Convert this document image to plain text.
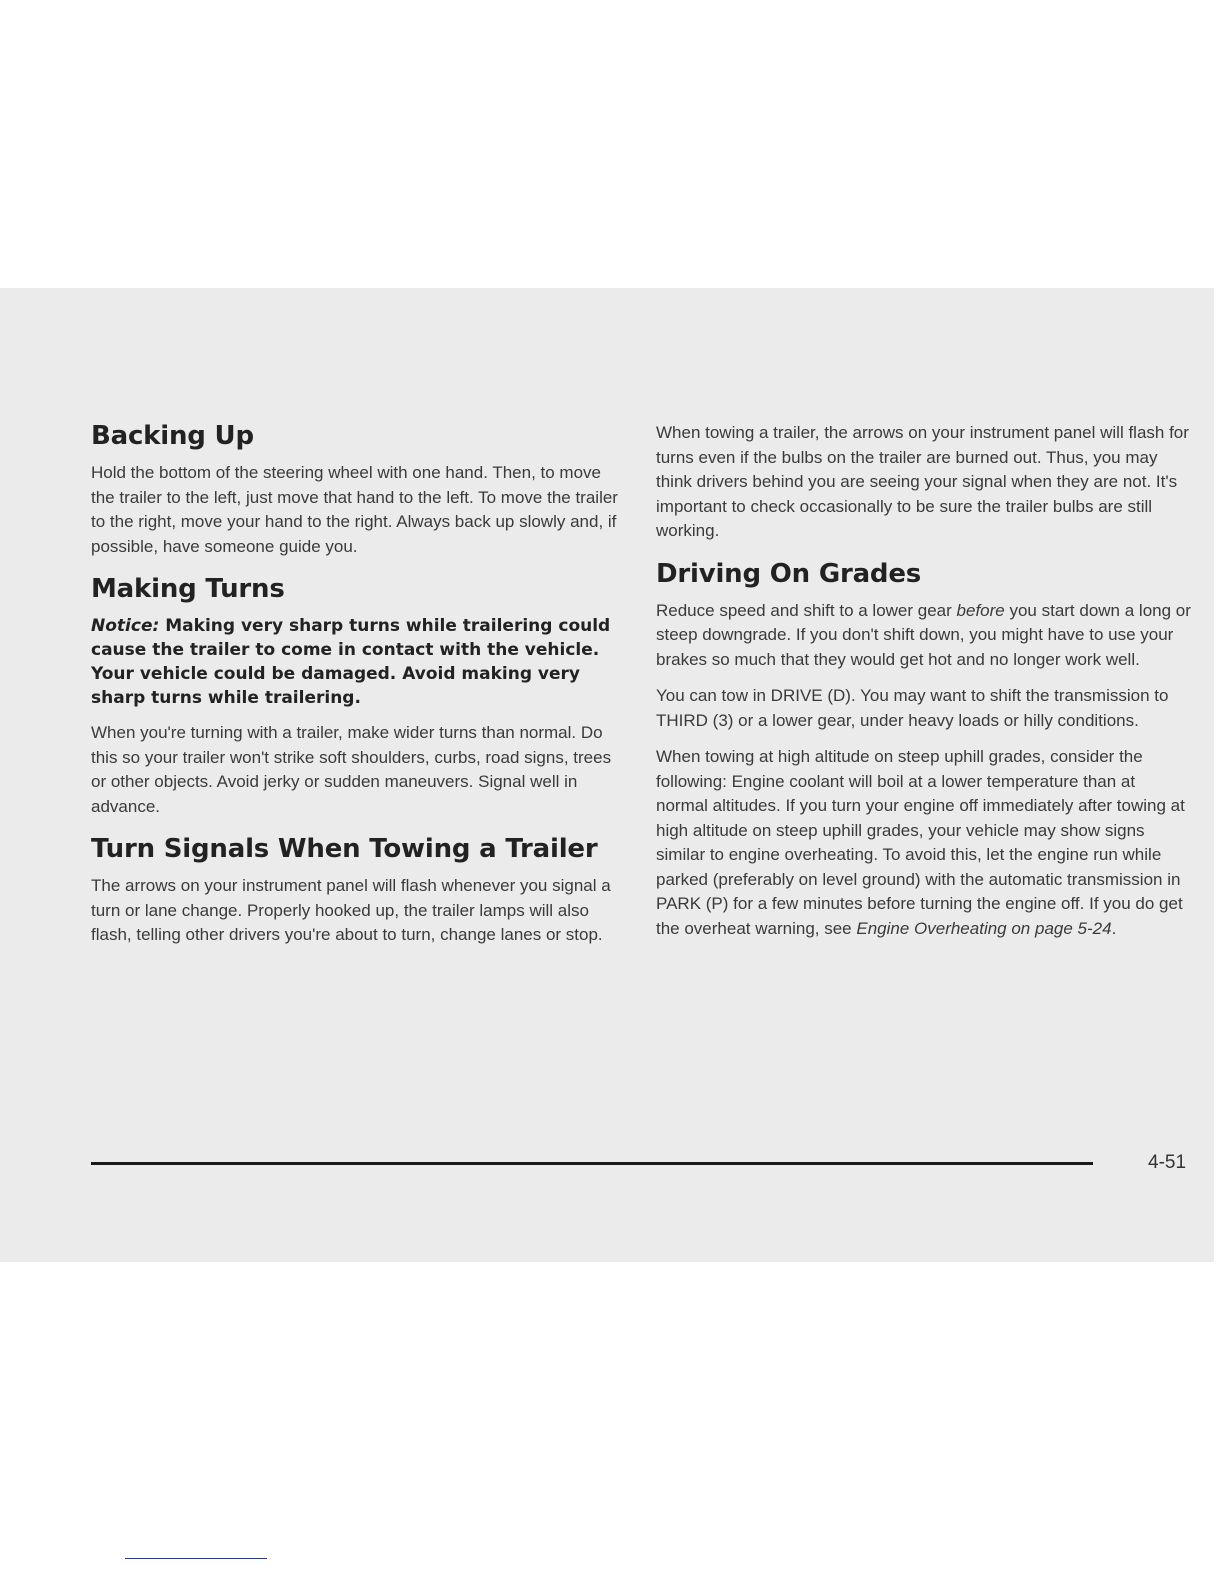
Backing Up

Hold the bottom of the steering wheel with one hand. Then, to move the trailer to the left, just move that hand to the left. To move the trailer to the right, move your hand to the right. Always back up slowly and, if possible, have someone guide you.

Making Turns
Notice: Making very sharp turns while trailering could cause the trailer to come in contact with the vehicle. Your vehicle could be damaged. Avoid making very sharp turns while trailering.

When you're turning with a trailer, make wider turns than normal. Do this so your trailer won't strike soft shoulders, curbs, road signs, trees or other objects. Avoid jerky or sudden maneuvers. Signal well in advance.

Turn Signals When Towing a Trailer

The arrows on your instrument panel will flash whenever you signal a turn or lane change. Properly hooked up, the trailer lamps will also flash, telling other drivers you're about to turn, change lanes or stop.

When towing a trailer, the arrows on your instrument panel will flash for turns even if the bulbs on the trailer are burned out. Thus, you may think drivers behind you are seeing your signal when they are not. It's important to check occasionally to be sure the trailer bulbs are still working.

Driving On Grades

Reduce speed and shift to a lower gear before you start down a long or steep downgrade. If you don't shift down, you might have to use your brakes so much that they would get hot and no longer work well.

You can tow in DRIVE (D). You may want to shift the transmission to THIRD (3) or a lower gear, under heavy loads or hilly conditions.

When towing at high altitude on steep uphill grades, consider the following: Engine coolant will boil at a lower temperature than at normal altitudes. If you turn your engine off immediately after towing at high altitude on steep uphill grades, your vehicle may show signs similar to engine overheating. To avoid this, let the engine run while parked (preferably on level ground) with the automatic transmission in PARK (P) for a few minutes before turning the engine off. If you do get the overheat warning, see Engine Overheating on page 5-24.

4-51
